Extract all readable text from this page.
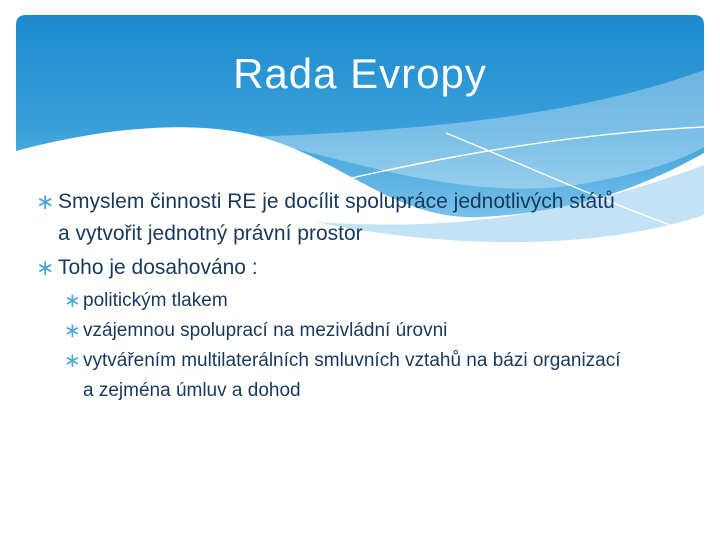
Rada Evropy
∗ Smyslem činnosti RE je docílit spolupráce jednotlivých států
a vytvořit jednotný právní prostor
∗ Toho je dosahováno :
∗ politickým tlakem
∗ vzájemnou spoluprací na mezivládní úrovni
∗ vytvářením multilaterálních smluvních vztahů na bázi organizací
a zejména úmluv a dohod
